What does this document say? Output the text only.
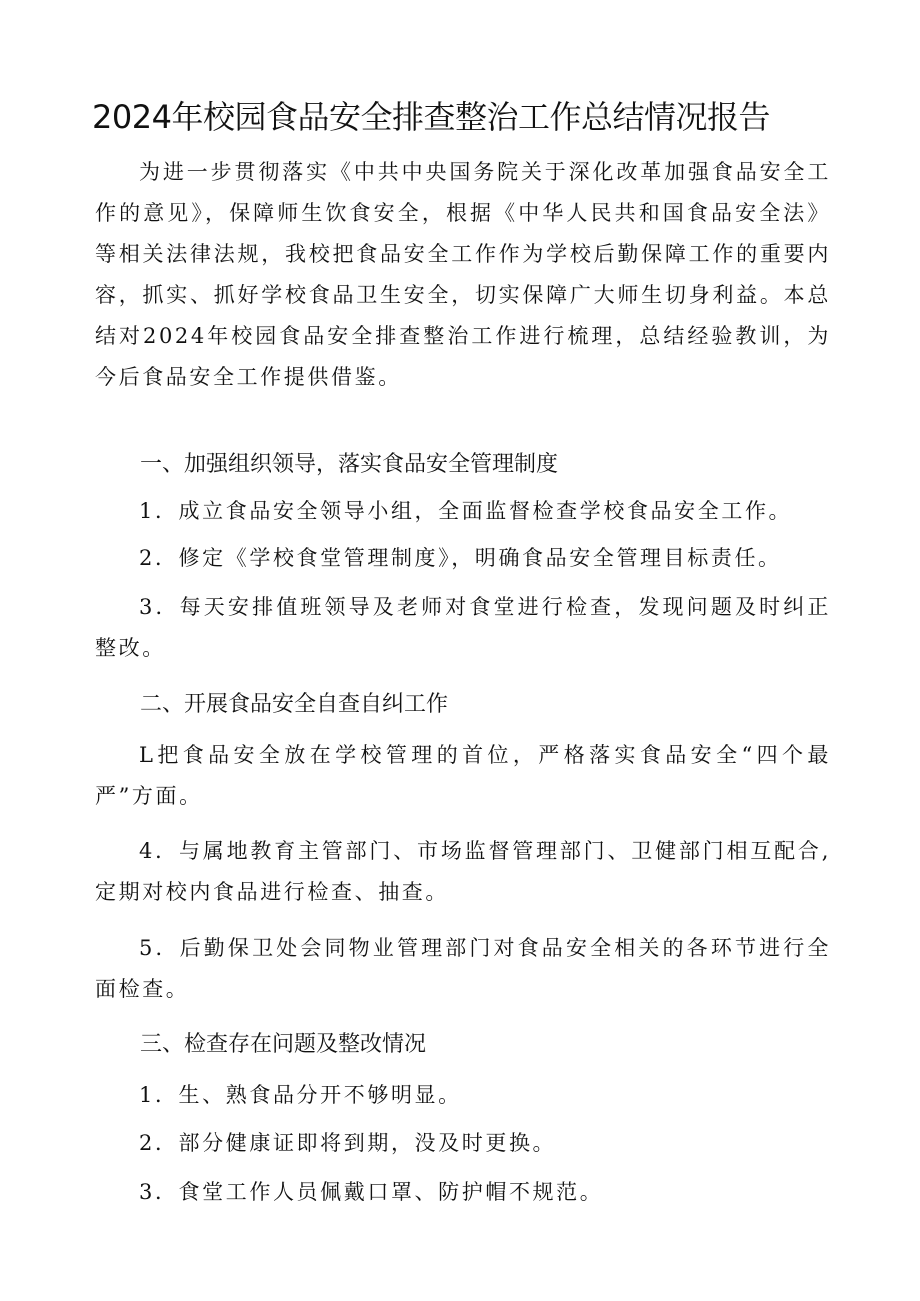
2024年校园食品安全排查整治工作总结情况报告

为进一步贯彻落实《中共中央国务院关于深化改革加强食品安全工作的意见》，保障师生饮食安全，根据《中华人民共和国食品安全法》等相关法律法规，我校把食品安全工作作为学校后勤保障工作的重要内容，抓实、抓好学校食品卫生安全，切实保障广大师生切身利益。本总结对2024年校园食品安全排查整治工作进行梳理，总结经验教训，为今后食品安全工作提供借鉴。

一、加强组织领导，落实食品安全管理制度

1．成立食品安全领导小组，全面监督检查学校食品安全工作。

2．修定《学校食堂管理制度》，明确食品安全管理目标责任。

3．每天安排值班领导及老师对食堂进行检查，发现问题及时纠正整改。

二、开展食品安全自查自纠工作

L把食品安全放在学校管理的首位，严格落实食品安全“四个最严”方面。

4．与属地教育主管部门、市场监督管理部门、卫健部门相互配合,定期对校内食品进行检查、抽查。

5．后勤保卫处会同物业管理部门对食品安全相关的各环节进行全面检查。

三、检查存在问题及整改情况

1．生、熟食品分开不够明显。

2．部分健康证即将到期，没及时更换。

3．食堂工作人员佩戴口罩、防护帽不规范。
